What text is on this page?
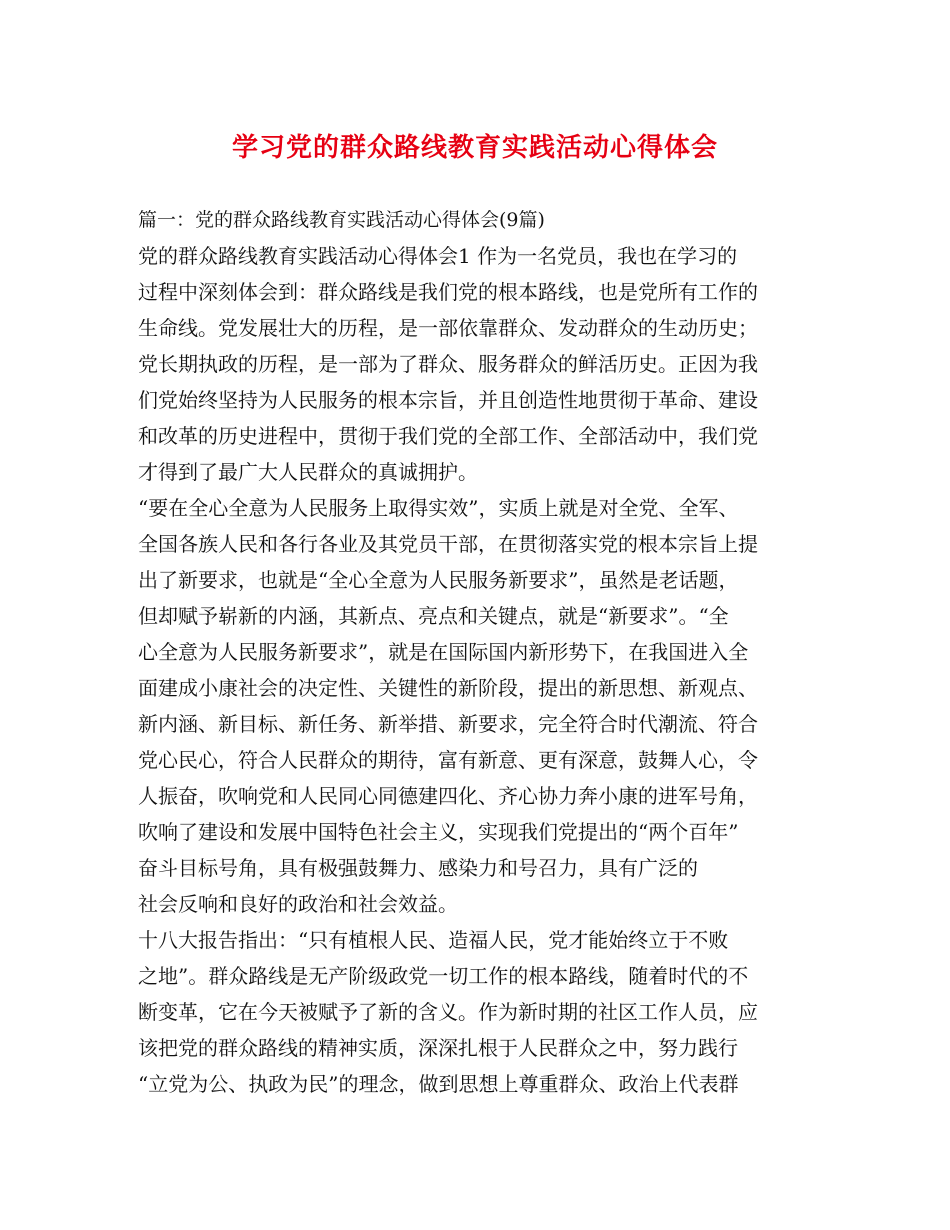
学习党的群众路线教育实践活动心得体会
篇一：党的群众路线教育实践活动心得体会(9篇)
党的群众路线教育实践活动心得体会1 作为一名党员，我也在学习的
过程中深刻体会到：群众路线是我们党的根本路线，也是党所有工作的
生命线。党发展壮大的历程，是一部依靠群众、发动群众的生动历史；
党长期执政的历程，是一部为了群众、服务群众的鲜活历史。正因为我
们党始终坚持为人民服务的根本宗旨，并且创造性地贯彻于革命、建设
和改革的历史进程中，贯彻于我们党的全部工作、全部活动中，我们党
才得到了最广大人民群众的真诚拥护。
“要在全心全意为人民服务上取得实效”，实质上就是对全党、全军、
全国各族人民和各行各业及其党员干部，在贯彻落实党的根本宗旨上提
出了新要求，也就是“全心全意为人民服务新要求”，虽然是老话题，
但却赋予崭新的内涵，其新点、亮点和关键点，就是“新要求”。“全
心全意为人民服务新要求”，就是在国际国内新形势下，在我国进入全
面建成小康社会的决定性、关键性的新阶段，提出的新思想、新观点、
新内涵、新目标、新任务、新举措、新要求，完全符合时代潮流、符合
党心民心，符合人民群众的期待，富有新意、更有深意，鼓舞人心，令
人振奋，吹响党和人民同心同德建四化、齐心协力奔小康的进军号角，
吹响了建设和发展中国特色社会主义，实现我们党提出的“两个百年”
奋斗目标号角，具有极强鼓舞力、感染力和号召力，具有广泛的
社会反响和良好的政治和社会效益。
十八大报告指出：“只有植根人民、造福人民，党才能始终立于不败
之地”。群众路线是无产阶级政党一切工作的根本路线，随着时代的不
断变革，它在今天被赋予了新的含义。作为新时期的社区工作人员，应
该把党的群众路线的精神实质，深深扎根于人民群众之中，努力践行
“立党为公、执政为民”的理念，做到思想上尊重群众、政治上代表群
